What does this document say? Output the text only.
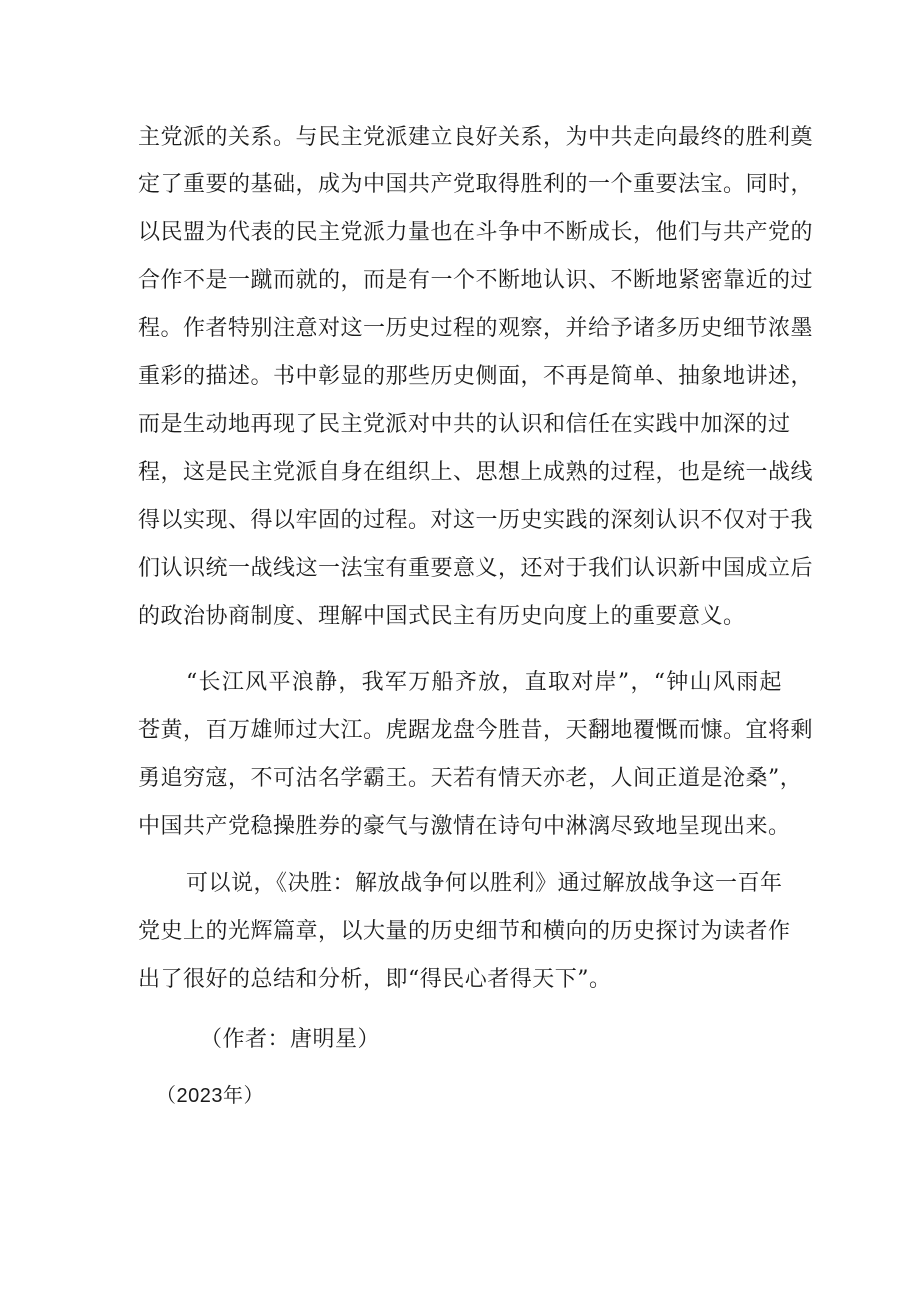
主党派的关系。与民主党派建立良好关系，为中共走向最终的胜利奠
定了重要的基础，成为中国共产党取得胜利的一个重要法宝。同时，
以民盟为代表的民主党派力量也在斗争中不断成长，他们与共产党的
合作不是一蹴而就的，而是有一个不断地认识、不断地紧密靠近的过
程。作者特别注意对这一历史过程的观察，并给予诸多历史细节浓墨
重彩的描述。书中彰显的那些历史侧面，不再是简单、抽象地讲述，
而是生动地再现了民主党派对中共的认识和信任在实践中加深的过
程，这是民主党派自身在组织上、思想上成熟的过程，也是统一战线
得以实现、得以牢固的过程。对这一历史实践的深刻认识不仅对于我
们认识统一战线这一法宝有重要意义，还对于我们认识新中国成立后
的政治协商制度、理解中国式民主有历史向度上的重要意义。
“长江风平浪静，我军万船齐放，直取对岸”，“钟山风雨起
苍黄，百万雄师过大江。虎踞龙盘今胜昔，天翻地覆慨而慷。宜将剩
勇追穷寇，不可沽名学霸王。天若有情天亦老，人间正道是沧桑”，
中国共产党稳操胜券的豪气与激情在诗句中淋漓尽致地呈现出来。
可以说，《决胜：解放战争何以胜利》通过解放战争这一百年
党史上的光辉篇章，以大量的历史细节和横向的历史探讨为读者作
出了很好的总结和分析，即“得民心者得天下”。
（作者：唐明星）
（2023年）
